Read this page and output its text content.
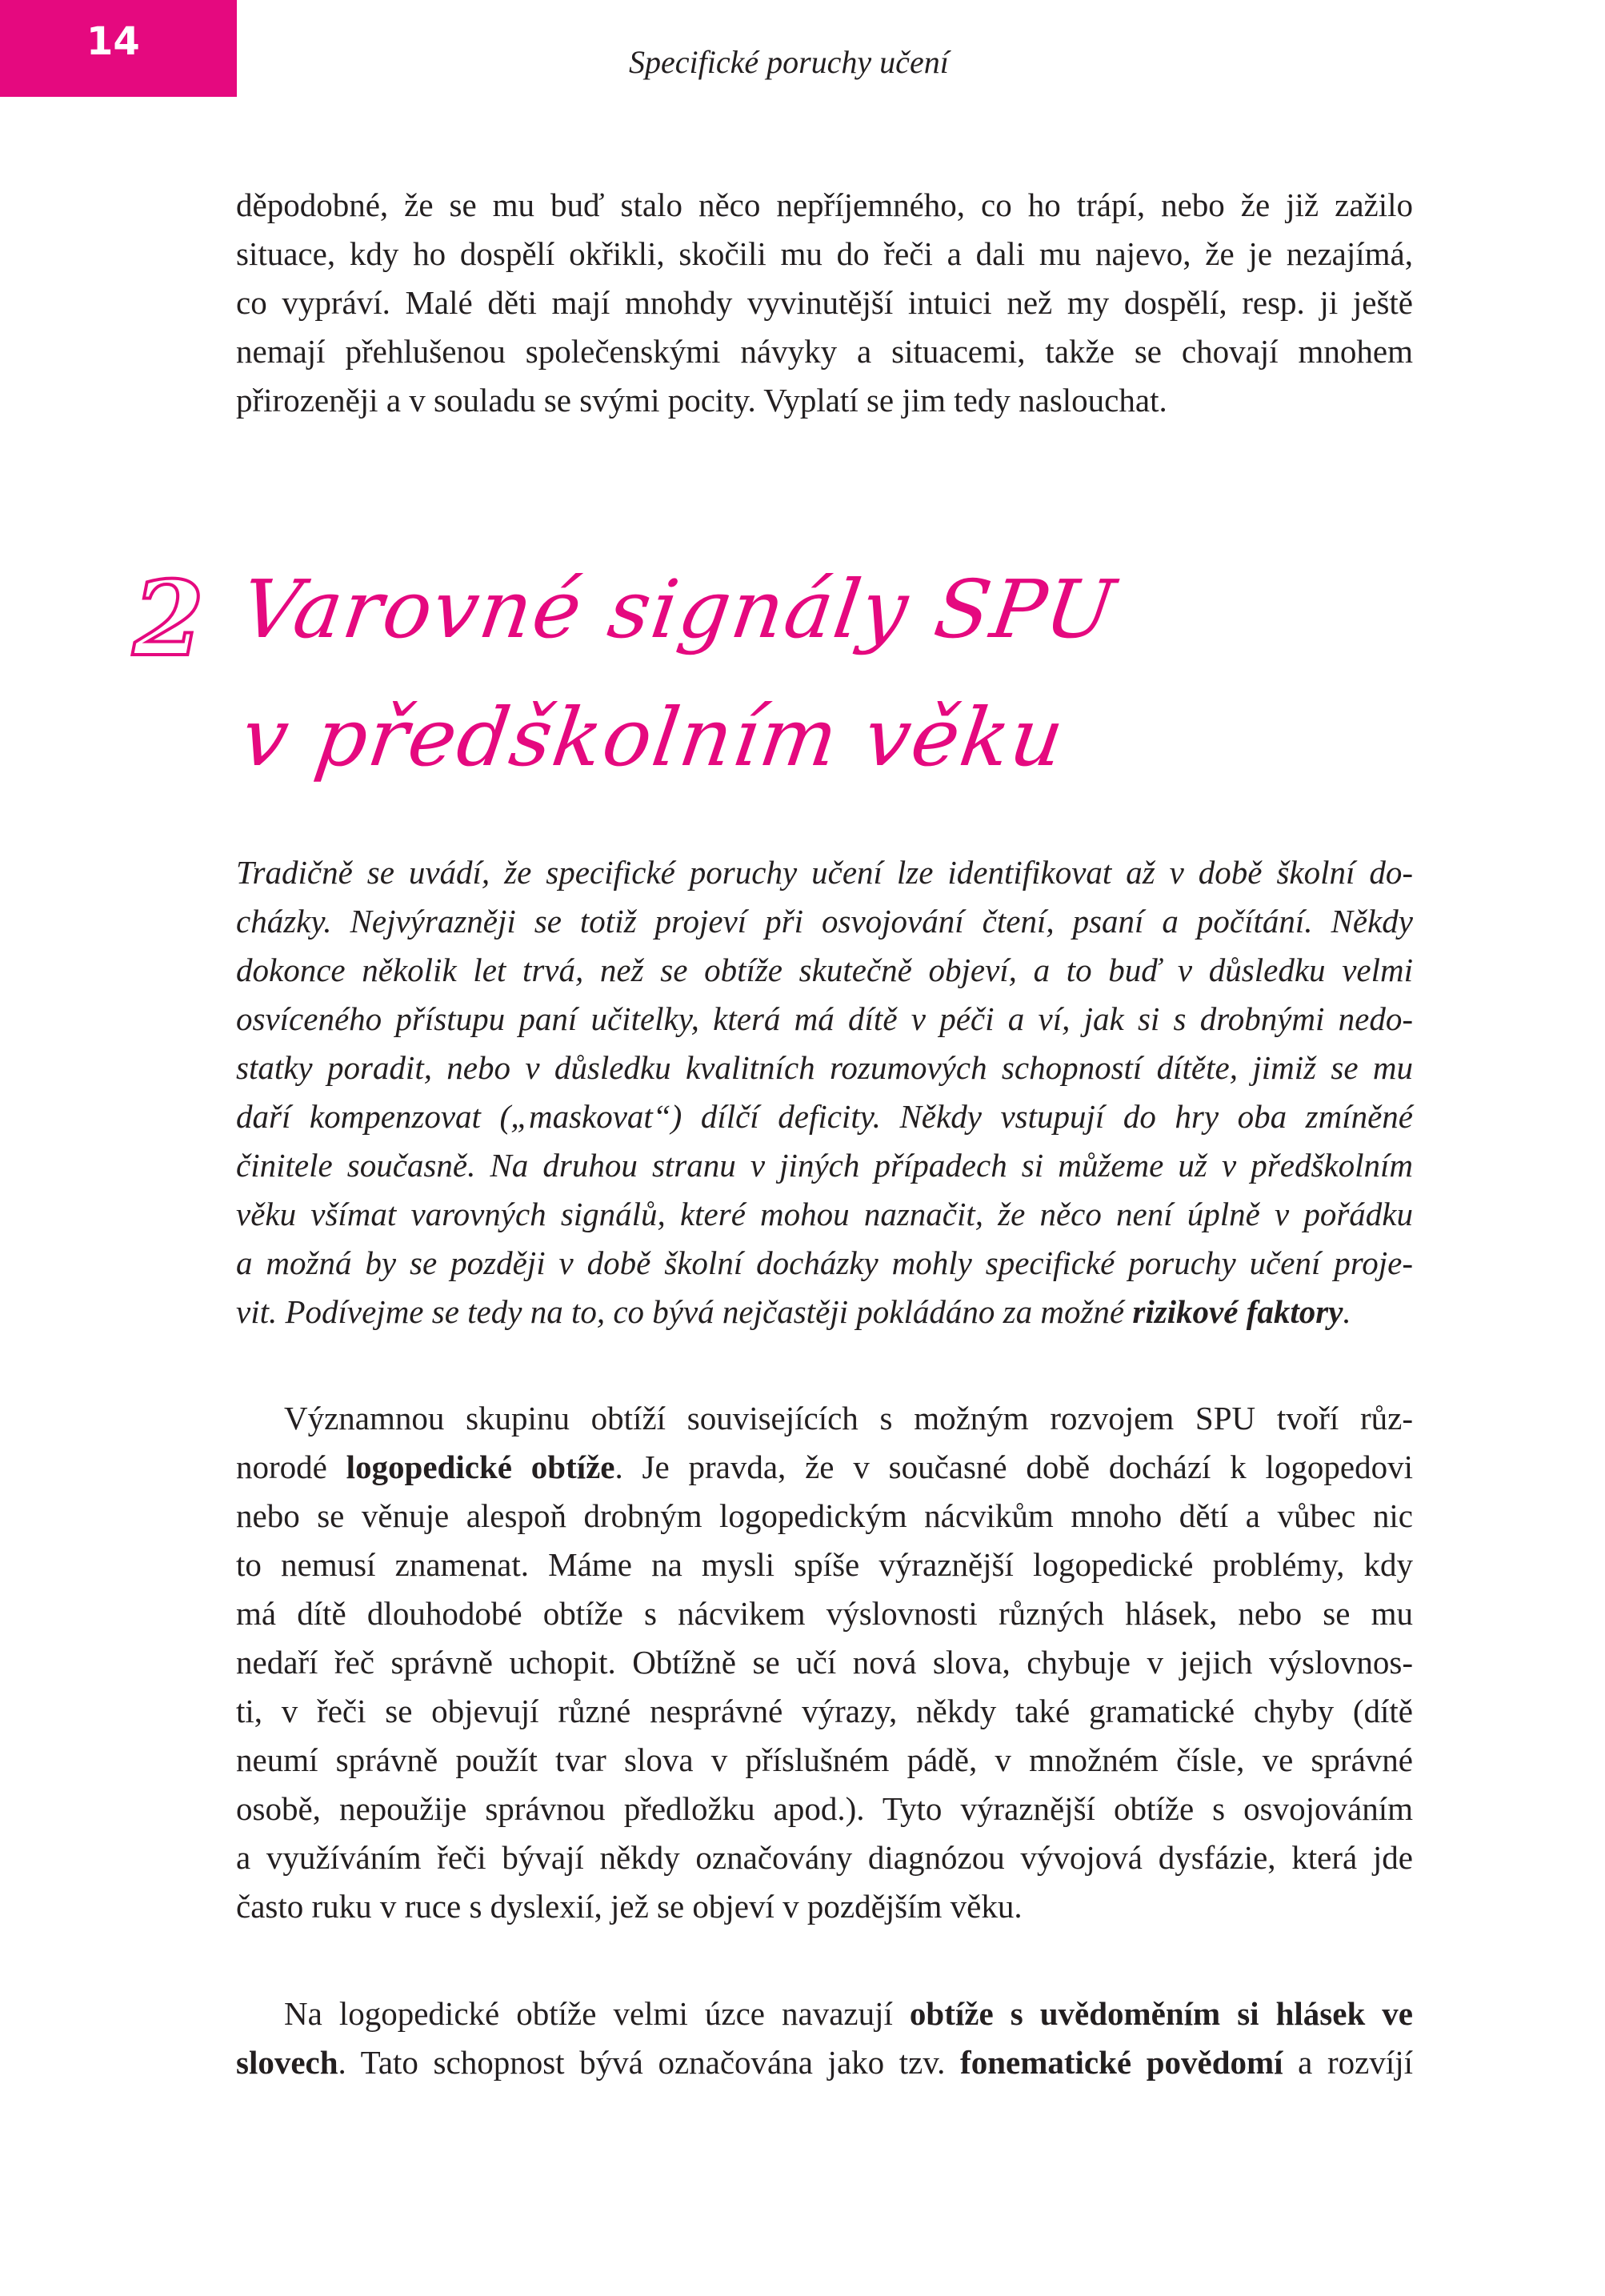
14	Specifické poruchy učení
děpodobné, že se mu buď stalo něco nepříjemného, co ho trápí, nebo že již zažilo
situace, kdy ho dospělí okřikli, skočili mu do řeči a dali mu najevo, že je nezajímá,
co vypráví. Malé děti mají mnohdy vyvinutější intuici než my dospělí, resp. ji ještě
nemají přehlušenou společenskými návyky a situacemi, takže se chovají mnohem
přirozeněji a v souladu se svými pocity. Vyplatí se jim tedy naslouchat.
2 Varovné signály SPU
v předškolním věku
Tradičně se uvádí, že specifické poruchy učení lze identifikovat až v době školní do-
cházky. Nejvýrazněji se totiž projeví při osvojování čtení, psaní a počítání. Někdy
dokonce několik let trvá, než se obtíže skutečně objeví, a to buď v důsledku velmi
osvíceného přístupu paní učitelky, která má dítě v péči a ví, jak si s drobnými nedo-
statky poradit, nebo v důsledku kvalitních rozumových schopností dítěte, jimiž se mu
daří kompenzovat („maskovat“) dílčí deficity. Někdy vstupují do hry oba zmíněné
činitele současně. Na druhou stranu v jiných případech si můžeme už v předškolním
věku všímat varovných signálů, které mohou naznačit, že něco není úplně v pořádku
a možná by se později v době školní docházky mohly specifické poruchy učení proje-
vit. Podívejme se tedy na to, co bývá nejčastěji pokládáno za možné rizikové faktory.
Významnou skupinu obtíží souvisejících s možným rozvojem SPU tvoří růz-
norodé logopedické obtíže. Je pravda, že v současné době dochází k logopedovi
nebo se věnuje alespoň drobným logopedickým nácvikům mnoho dětí a vůbec nic
to nemusí znamenat. Máme na mysli spíše výraznější logopedické problémy, kdy
má dítě dlouhodobé obtíže s nácvikem výslovnosti různých hlásek, nebo se mu
nedaří řeč správně uchopit. Obtížně se učí nová slova, chybuje v jejich výslovnos-
ti, v řeči se objevují různé nesprávné výrazy, někdy také gramatické chyby (dítě
neumí správně použít tvar slova v příslušném pádě, v množném čísle, ve správné
osobě, nepoužije správnou předložku apod.). Tyto výraznější obtíže s osvojováním
a využíváním řeči bývají někdy označovány diagnózou vývojová dysfázie, která jde
často ruku v ruce s dyslexií, jež se objeví v pozdějším věku.
Na logopedické obtíže velmi úzce navazují obtíže s uvědoměním si hlásek ve
slovech. Tato schopnost bývá označována jako tzv. fonematické povědomí a rozvíjí
